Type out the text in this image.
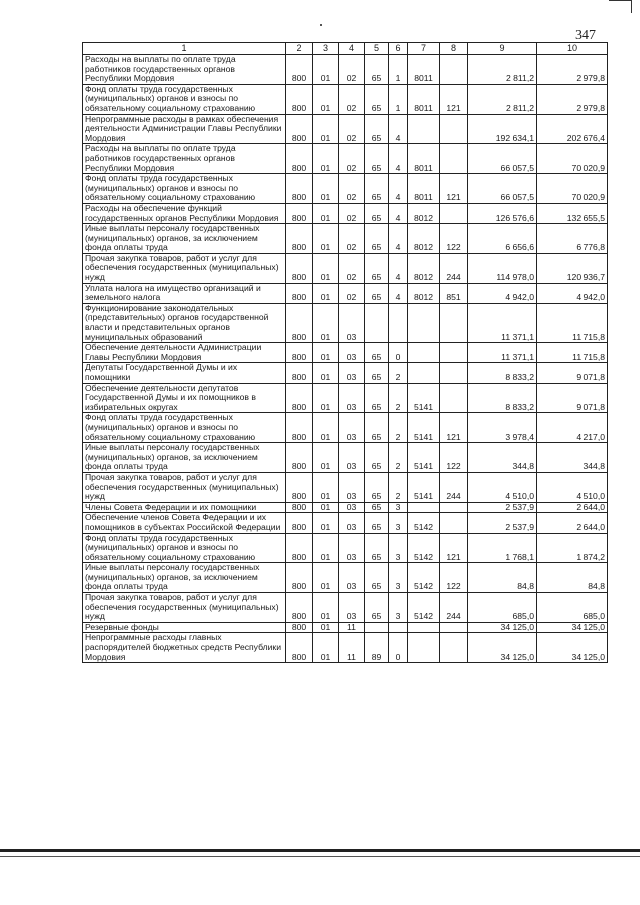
347
1	2	3	4	5	6	7	8	9	10
Расходы на выплаты по оплате труда работников государственных органов Республики Мордовия	800	01	02	65	1	8011		2 811,2	2 979,8
Фонд оплаты труда государственных (муниципальных) органов и взносы по обязательному социальному страхованию	800	01	02	65	1	8011	121	2 811,2	2 979,8
Непрограммные расходы в рамках обеспечения деятельности Администрации Главы Республики Мордовия	800	01	02	65	4			192 634,1	202 676,4
Расходы на выплаты по оплате труда работников государственных органов Республики Мордовия	800	01	02	65	4	8011		66 057,5	70 020,9
Фонд оплаты труда государственных (муниципальных) органов и взносы по обязательному социальному страхованию	800	01	02	65	4	8011	121	66 057,5	70 020,9
Расходы на обеспечение функций государственных органов Республики Мордовия	800	01	02	65	4	8012		126 576,6	132 655,5
Иные выплаты персоналу государственных (муниципальных) органов, за исключением фонда оплаты труда	800	01	02	65	4	8012	122	6 656,6	6 776,8
Прочая закупка товаров, работ и услуг для обеспечения государственных (муниципальных) нужд	800	01	02	65	4	8012	244	114 978,0	120 936,7
Уплата налога на имущество организаций и земельного налога	800	01	02	65	4	8012	851	4 942,0	4 942,0
Функционирование законодательных (представительных) органов государственной власти и представительных органов муниципальных образований	800	01	03					11 371,1	11 715,8
Обеспечение деятельности Администрации Главы Республики Мордовия	800	01	03	65	0			11 371,1	11 715,8
Депутаты Государственной Думы и их помощники	800	01	03	65	2			8 833,2	9 071,8
Обеспечение деятельности депутатов Государственной Думы и их помощников в избирательных округах	800	01	03	65	2	5141		8 833,2	9 071,8
Фонд оплаты труда государственных (муниципальных) органов и взносы по обязательному социальному страхованию	800	01	03	65	2	5141	121	3 978,4	4 217,0
Иные выплаты персоналу государственных (муниципальных) органов, за исключением фонда оплаты труда	800	01	03	65	2	5141	122	344,8	344,8
Прочая закупка товаров, работ и услуг для обеспечения государственных (муниципальных) нужд	800	01	03	65	2	5141	244	4 510,0	4 510,0
Члены Совета Федерации и их помощники	800	01	03	65	3			2 537,9	2 644,0
Обеспечение членов Совета Федерации и их помощников в субъектах Российской Федерации	800	01	03	65	3	5142		2 537,9	2 644,0
Фонд оплаты труда государственных (муниципальных) органов и взносы по обязательному социальному страхованию	800	01	03	65	3	5142	121	1 768,1	1 874,2
Иные выплаты персоналу государственных (муниципальных) органов, за исключением фонда оплаты труда	800	01	03	65	3	5142	122	84,8	84,8
Прочая закупка товаров, работ и услуг для обеспечения государственных (муниципальных) нужд	800	01	03	65	3	5142	244	685,0	685,0
Резервные фонды	800	01	11					34 125,0	34 125,0
Непрограммные расходы главных распорядителей бюджетных средств Республики Мордовия	800	01	11	89	0			34 125,0	34 125,0
